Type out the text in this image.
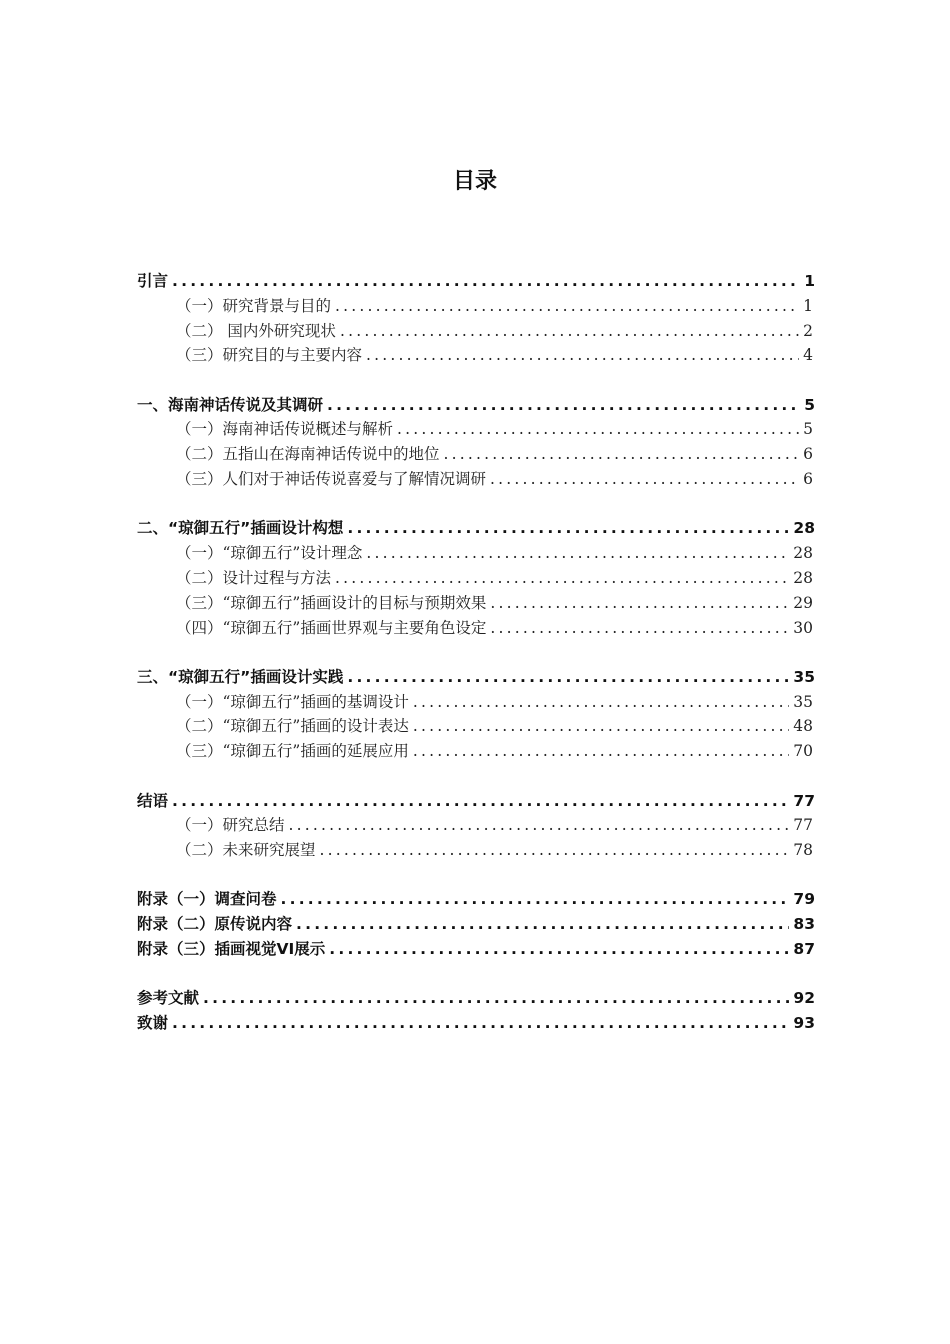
目录
引言 .....	1
（一）研究背景与目的 .....	1
（二） 国内外研究现状 .....	2
（三）研究目的与主要内容 .....	4
一、海南神话传说及其调研 .....	5
（一）海南神话传说概述与解析 .....	5
（二）五指山在海南神话传说中的地位 .....	6
（三）人们对于神话传说喜爱与了解情况调研 .....	6
二、“琼御五行”插画设计构想 .....	28
（一）“琼御五行”设计理念 .....	28
（二）设计过程与方法 .....	28
（三）“琼御五行”插画设计的目标与预期效果 .....	29
（四）“琼御五行”插画世界观与主要角色设定 .....	30
三、“琼御五行”插画设计实践 .....	35
（一）“琼御五行”插画的基调设计 .....	35
（二）“琼御五行”插画的设计表达 .....	48
（三）“琼御五行”插画的延展应用 .....	70
结语 .....	77
（一）研究总结 .....	77
（二）未来研究展望 .....	78
附录（一）调查问卷 .....	79
附录（二）原传说内容 .....	83
附录（三）插画视觉VI展示 .....	87
参考文献 .....	92
致谢 .....	93
